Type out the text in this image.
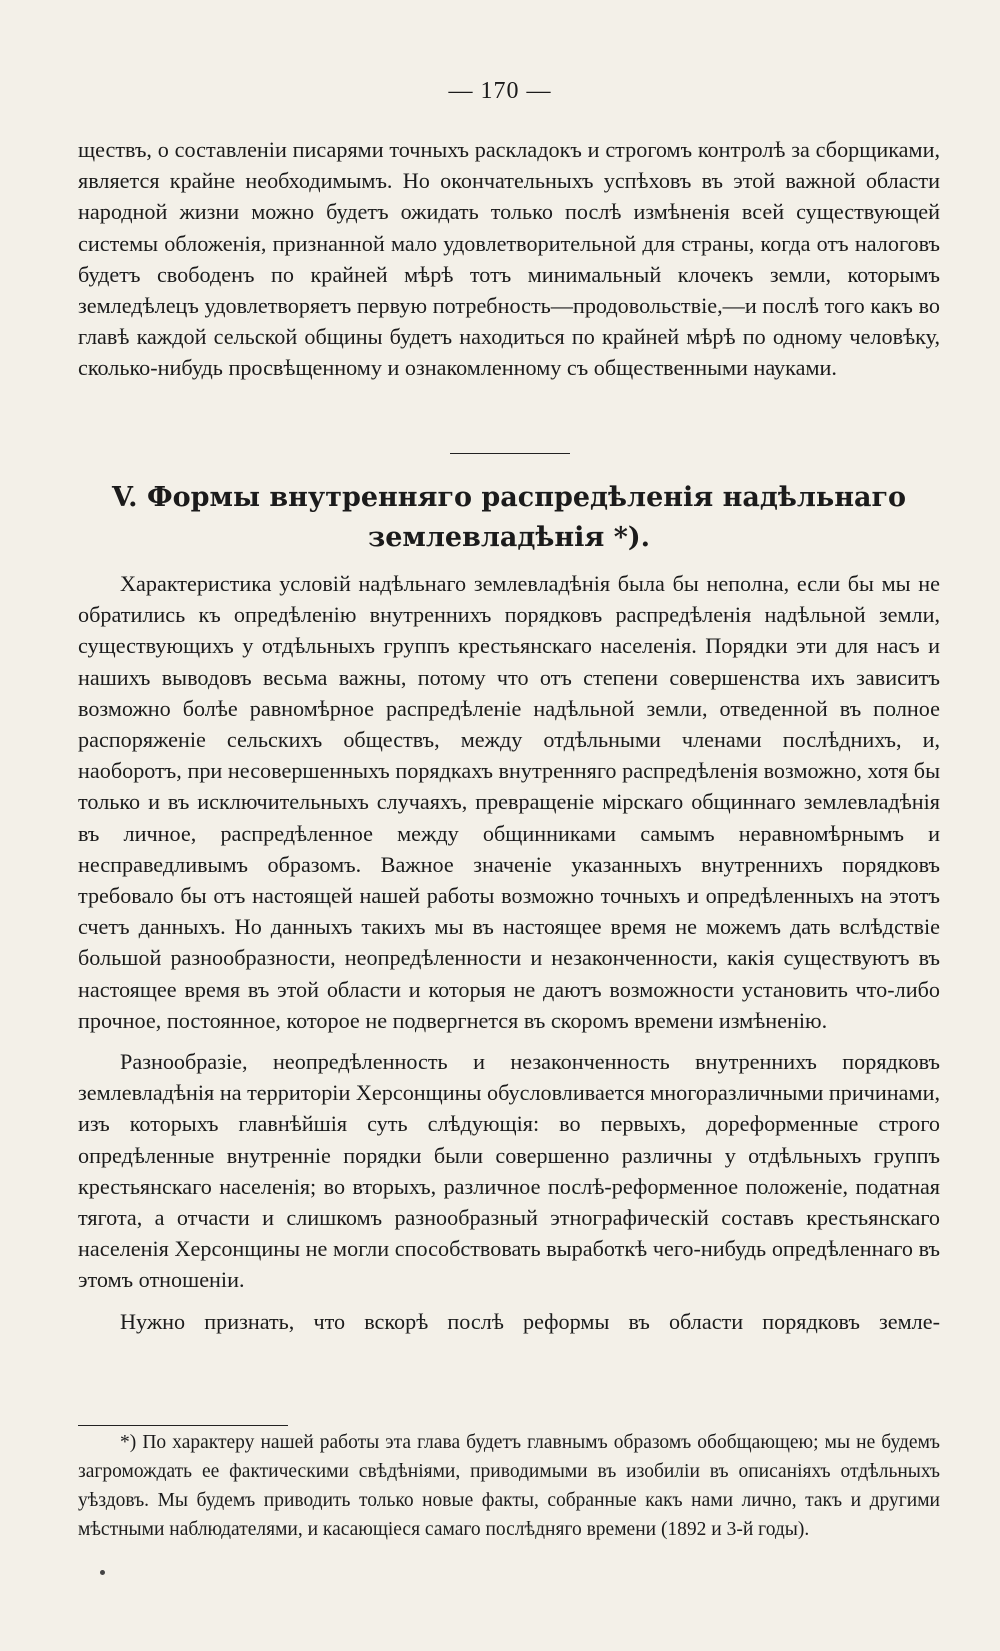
— 170 —

ществъ, о составленіи писарями точныхъ раскладокъ и строгомъ контролѣ за сборщиками, является крайне необходимымъ. Но окончательныхъ успѣховъ въ этой важной области народной жизни можно будетъ ожидать только послѣ измѣненія всей существующей системы обложенія, признанной мало удовлетворительной для страны, когда отъ налоговъ будетъ свободенъ по крайней мѣрѣ тотъ минимальный клочекъ земли, которымъ земледѣлецъ удовлетворяетъ первую потребность—продовольствіе,—и послѣ того какъ во главѣ каждой сельской общины будетъ находиться по крайней мѣрѣ по одному человѣку, сколько-нибудь просвѣщенному и ознакомленному съ общественными науками.

V. Формы внутренняго распредѣленія надѣльнаго землевладѣнія *).

Характеристика условій надѣльнаго землевладѣнія была бы неполна, если бы мы не обратились къ опредѣленію внутреннихъ порядковъ распредѣленія надѣльной земли, существующихъ у отдѣльныхъ группъ крестьянскаго населенія. Порядки эти для насъ и нашихъ выводовъ весьма важны, потому что отъ степени совершенства ихъ зависитъ возможно болѣе равномѣрное распредѣленіе надѣльной земли, отведенной въ полное распоряженіе сельскихъ обществъ, между отдѣльными членами послѣднихъ, и, наоборотъ, при несовершенныхъ порядкахъ внутренняго распредѣленія возможно, хотя бы только и въ исключительныхъ случаяхъ, превращеніе мірскаго общиннаго землевладѣнія въ личное, распредѣленное между общинниками самымъ неравномѣрнымъ и несправедливымъ образомъ. Важное значеніе указанныхъ внутреннихъ порядковъ требовало бы отъ настоящей нашей работы возможно точныхъ и опредѣленныхъ на этотъ счетъ данныхъ. Но данныхъ такихъ мы въ настоящее время не можемъ дать вслѣдствіе большой разнообразности, неопредѣленности и незаконченности, какія существуютъ въ настоящее время въ этой области и которыя не даютъ возможности установить что-либо прочное, постоянное, которое не подвергнется въ скоромъ времени измѣненію.

Разнообразіе, неопредѣленность и незаконченность внутреннихъ порядковъ землевладѣнія на территоріи Херсонщины обусловливается многоразличными причинами, изъ которыхъ главнѣйшія суть слѣдующія: во первыхъ, дореформенные строго опредѣленные внутренніе порядки были совершенно различны у отдѣльныхъ группъ крестьянскаго населенія; во вторыхъ, различное послѣ-реформенное положеніе, податная тягота, а отчасти и слишкомъ разнообразный этнографическій составъ крестьянскаго населенія Херсонщины не могли способствовать выработкѣ чего-нибудь опредѣленнаго въ этомъ отношеніи.

Нужно признать, что вскорѣ послѣ реформы въ области порядковъ земле-

*) По характеру нашей работы эта глава будетъ главнымъ образомъ обобщающею; мы не будемъ загромождать ее фактическими свѣдѣніями, приводимыми въ изобиліи въ описаніяхъ отдѣльныхъ уѣздовъ. Мы будемъ приводить только новые факты, собранные какъ нами лично, такъ и другими мѣстными наблюдателями, и касающіеся самаго послѣдняго времени (1892 и 3-й годы).
